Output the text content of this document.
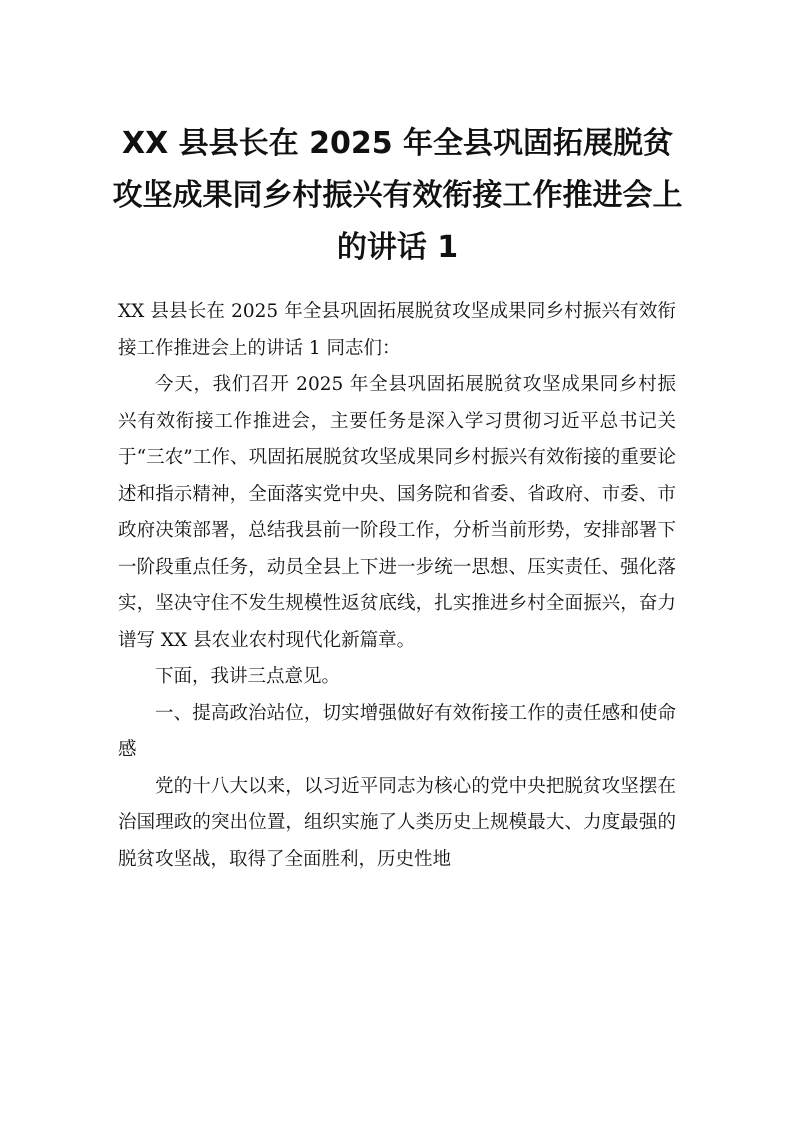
XX 县县长在 2025 年全县巩固拓展脱贫攻坚成果同乡村振兴有效衔接工作推进会上的讲话 1

XX 县县长在 2025 年全县巩固拓展脱贫攻坚成果同乡村振兴有效衔接工作推进会上的讲话 1 同志们：

今天，我们召开 2025 年全县巩固拓展脱贫攻坚成果同乡村振兴有效衔接工作推进会，主要任务是深入学习贯彻习近平总书记关于“三农”工作、巩固拓展脱贫攻坚成果同乡村振兴有效衔接的重要论述和指示精神，全面落实党中央、国务院和省委、省政府、市委、市政府决策部署，总结我县前一阶段工作，分析当前形势，安排部署下一阶段重点任务，动员全县上下进一步统一思想、压实责任、强化落实，坚决守住不发生规模性返贫底线，扎实推进乡村全面振兴，奋力谱写 XX 县农业农村现代化新篇章。

下面，我讲三点意见。

一、提高政治站位，切实增强做好有效衔接工作的责任感和使命感

党的十八大以来，以习近平同志为核心的党中央把脱贫攻坚摆在治国理政的突出位置，组织实施了人类历史上规模最大、力度最强的脱贫攻坚战，取得了全面胜利，历史性地
